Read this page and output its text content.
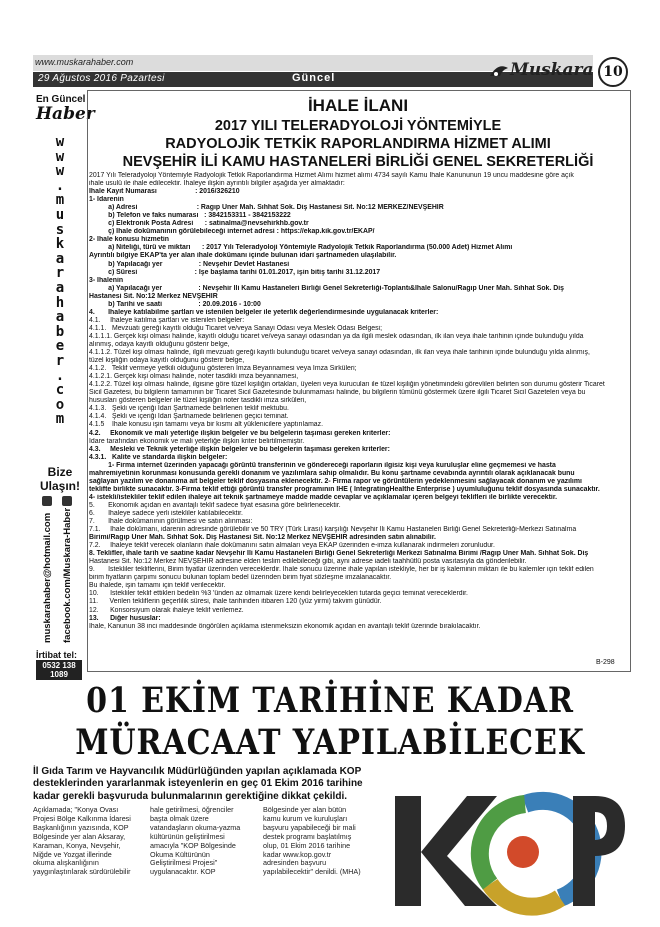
www.muskarahaber.com
29 Ağustos 2016 Pazartesi	Güncel	Muskara 10
En Güncel
Haber
w
w
w
.
m
u
s
k
a
r
a
h
a
b
e
r
.
c
o
m
Bize
Ulaşın!
muskarahaber@hotmail.com facebook.com/Muskara-Haber
İrtibat tel:
0532 138 1089
İHALE İLANI
2017 YILI TELERADYOLOJİ YÖNTEMİYLE
RADYOLOJİK TETKİK RAPORLANDIRMA HİZMET ALIMI
NEVŞEHİR İLİ KAMU HASTANELERİ BİRLİĞİ GENEL SEKRETERLİĞİ

2017 Yılı Teleradyoloji Yöntemiyle Radyolojik Tetkik Raporlandırma Hizmet Alımı hizmet alımı 4734 sayılı Kamu İhale Kanununun 19 uncu maddesine göre açık

ihale usulü ile ihale edilecektir. İhaleye ilişkin ayrıntılı bilgiler aşağıda yer almaktadır:

İhale Kayıt Numarası                    : 2016/326210

1- İdarenin

a) Adresi                               : Ragıp Üner Mah. Sıhhat Sok. Diş Hastanesi Sit. No:12 MERKEZ/NEVŞEHİR

b) Telefon ve faks numarası   : 3842153311 - 3842153222

c) Elektronik Posta Adresi      : satinalma@nevsehirkhb.gov.tr

ç) İhale dokümanının görülebileceği internet adresi : https://ekap.kik.gov.tr/EKAP/

2- İhale konusu hizmetin

a) Niteliği, türü ve miktarı      : 2017 Yılı Teleradyoloji Yöntemiyle Radyolojik Tetkik Raporlandırma (50.000 Adet) Hizmet Alımı

Ayrıntılı bilgiye EKAP'ta yer alan ihale dokümanı içinde bulunan idari şartnameden ulaşılabilir.

b) Yapılacağı yer                   : Nevşehir Devlet Hastanesi

c) Süresi                              : İşe başlama tarihi 01.01.2017, işin bitiş tarihi 31.12.2017

3- İhalenin

a) Yapılacağı yer                   : Nevşehir İli Kamu Hastaneleri Birliği Genel Sekreterliği-Toplantı&İhale Salonu/Ragıp Üner Mah. Sıhhat Sok. Diş

Hastanesi Sit. No:12 Merkez NEVŞEHİR

b) Tarihi ve saati                   : 20.09.2016 - 10:00

4.       İhaleye katılabilme şartları ve istenilen belgeler ile yeterlik değerlendirmesinde uygulanacak kriterler:

4.1.     İhaleye katılma şartları ve istenilen belgeler:

4.1.1.   Mevzuatı gereği kayıtlı olduğu Ticaret ve/veya Sanayi Odası veya Meslek Odası Belgesi;

4.1.1.1. Gerçek kişi olması halinde, kayıtlı olduğu ticaret ve/veya sanayi odasından ya da ilgili meslek odasından, ilk ilan veya ihale tarihinin içinde bulunduğu yılda

alınmış, odaya kayıtlı olduğunu gösterir belge,

4.1.1.2. Tüzel kişi olması halinde, ilgili mevzuatı gereği kayıtlı bulunduğu ticaret ve/veya sanayi odasından, ilk ilan veya ihale tarihinin içinde bulunduğu yılda alınmış,

tüzel kişiliğin odaya kayıtlı olduğunu gösterir belge,

4.1.2.   Teklif vermeye yetkili olduğunu gösteren İmza Beyannamesi veya İmza Sirküleri;

4.1.2.1. Gerçek kişi olması halinde, noter tasdikli imza beyannamesi,

4.1.2.2. Tüzel kişi olması halinde, ilgisine göre tüzel kişiliğin ortakları, üyeleri veya kurucuları ile tüzel kişiliğin yönetimindeki görevlileri belirten son durumu gösterir Ticaret

Sicil Gazetesi, bu bilgilerin tamamının bir Ticaret Sicil Gazetesinde bulunmaması halinde, bu bilgilerin tümünü göstermek üzere ilgili Ticaret Sicil Gazeteleri veya bu

hususları gösteren belgeler ile tüzel kişiliğin noter tasdikli imza sirküleri,

4.1.3.   Şekli ve içeriği İdari Şartnamede belirlenen teklif mektubu.

4.1.4.   Şekli ve içeriği İdari Şartnamede belirlenen geçici teminat.

4.1.5    İhale konusu işin tamamı veya bir kısmı alt yüklenicilere yaptırılamaz.

4.2.     Ekonomik ve mali yeterliğe ilişkin belgeler ve bu belgelerin taşıması gereken kriterler:

İdare tarafından ekonomik ve mali yeterliğe ilişkin kriter belirtilmemiştir.

4.3.     Mesleki ve Teknik yeterliğe ilişkin belgeler ve bu belgelerin taşıması gereken kriterler:

4.3.1.   Kalite ve standarda ilişkin belgeler:

1- Firma internet üzerinden yapacağı görüntü transferinin ve göndereceği raporların ilgisiz kişi veya kuruluşlar eline geçmemesi ve hasta

mahremiyetinin korunması konusunda gerekli donanım ve yazılımlara sahip olmalıdır. Bu konu şartname cevabında ayrıntılı olarak açıklanacak bunu

sağlayan yazılım ve donanıma ait belgeler teklif dosyasına eklenecektir. 2- Firma rapor ve görüntülerin yedeklenmesini sağlayacak donanım ve yazılımı

teklifte birlikte sunacaktır. 3-Firma teklif ettiği görüntü transfer programının IHE ( IntegratingHealthe Enterprise ) uyumluluğunu teklif dosyasında sunacaktır.

4- istekli/istekliler teklif edilen ihaleye ait teknik şartnameye madde madde cevaplar ve açıklamalar içeren belgeyi teklifleri ile birlikte verecektir.

5.       Ekonomik açıdan en avantajlı teklif sadece fiyat esasına göre belirlenecektir.

6.       İhaleye sadece yerli istekliler katılabilecektir.

7.       İhale dokümanının görülmesi ve satın alınması:

7.1.     İhale dokümanı, idarenin adresinde görülebilir ve 50 TRY (Türk Lirası) karşılığı Nevşehir İli Kamu Hastaneleri Birliği Genel Sekreterliği-Merkezi Satınalma

Birimi/Ragıp Üner Mah. Sıhhat Sok. Diş Hastanesi Sit. No:12 Merkez NEVŞEHİR adresinden satın alınabilir.

7.2.     İhaleye teklif verecek olanların ihale dokümanını satın almaları veya EKAP üzerinden e-imza kullanarak indirmeleri zorunludur.

8. Teklifler, ihale tarih ve saatine kadar Nevşehir İli Kamu Hastaneleri Birliği Genel Sekreterliği Merkezi Satınalma Birimi /Ragıp Üner Mah. Sıhhat Sok. Diş

Hastanesi Sit. No:12 Merkez NEVŞEHİR adresine elden teslim edilebileceği gibi, aynı adrese iadeli taahhütlü posta vasıtasıyla da gönderilebilir.

9.       İstekliler tekliflerini, Birim fiyatlar üzerinden vereceklerdir. İhale sonucu üzerine ihale yapılan istekliyle, her bir iş kaleminin miktarı ile bu kalemler için teklif edilen

birim fiyatların çarpımı sonucu bulunan toplam bedel üzerinden birim fiyat sözleşme imzalanacaktır.

Bu ihalede, işin tamamı için teklif verilecektir.

10.      İstekliler teklif ettikleri bedelin %3 'ünden az olmamak üzere kendi belirleyecekleri tutarda geçici teminat vereceklerdir.

11.      Verilen tekliflerin geçerlilik süresi, ihale tarihinden itibaren 120 (yüz yirmi) takvim günüdür.

12.      Konsorsiyum olarak ihaleye teklif verilemez.

13.      Diğer hususlar:

İhale, Kanunun 38 inci maddesinde öngörülen açıklama istenmeksizin ekonomik açıdan en avantajlı teklif üzerinde bırakılacaktır.

B-298
01 EKİM TARİHİNE KADAR
MÜRACAAT YAPILABİLECEK
İl Gıda Tarım ve Hayvancılık Müdürlüğünden yapılan açıklamada KOP
desteklerinden yararlanmak isteyenlerin en geç 01 Ekim 2016 tarihine
kadar gerekli başvuruda bulunmalarının gerektiğine dikkat çekildi.
Açıklamada; "Konya Ovası
Projesi Bölge Kalkınma İdaresi
Başkanlığının yazısında, KOP
Bölgesinde yer alan Aksaray,
Karaman, Konya, Nevşehir,
Niğde ve Yozgat illerinde
okuma alışkanlığının
yaygınlaştırılarak sürdürülebilir
hale getirilmesi, öğrenciler
başta olmak üzere
vatandaşların okuma-yazma
kültürünün geliştirilmesi
amacıyla "KOP Bölgesinde
Okuma Kültürünün
Geliştirilmesi Projesi"
uygulanacaktır. KOP
Bölgesinde yer alan bütün
kamu kurum ve kuruluşları
başvuru yapabileceği bir mali
destek programı başlatılmış
olup, 01 Ekim 2016 tarihine
kadar www.kop.gov.tr
adresinden başvuru
yapılabilecektir" denildi. (MHA)
KOP
